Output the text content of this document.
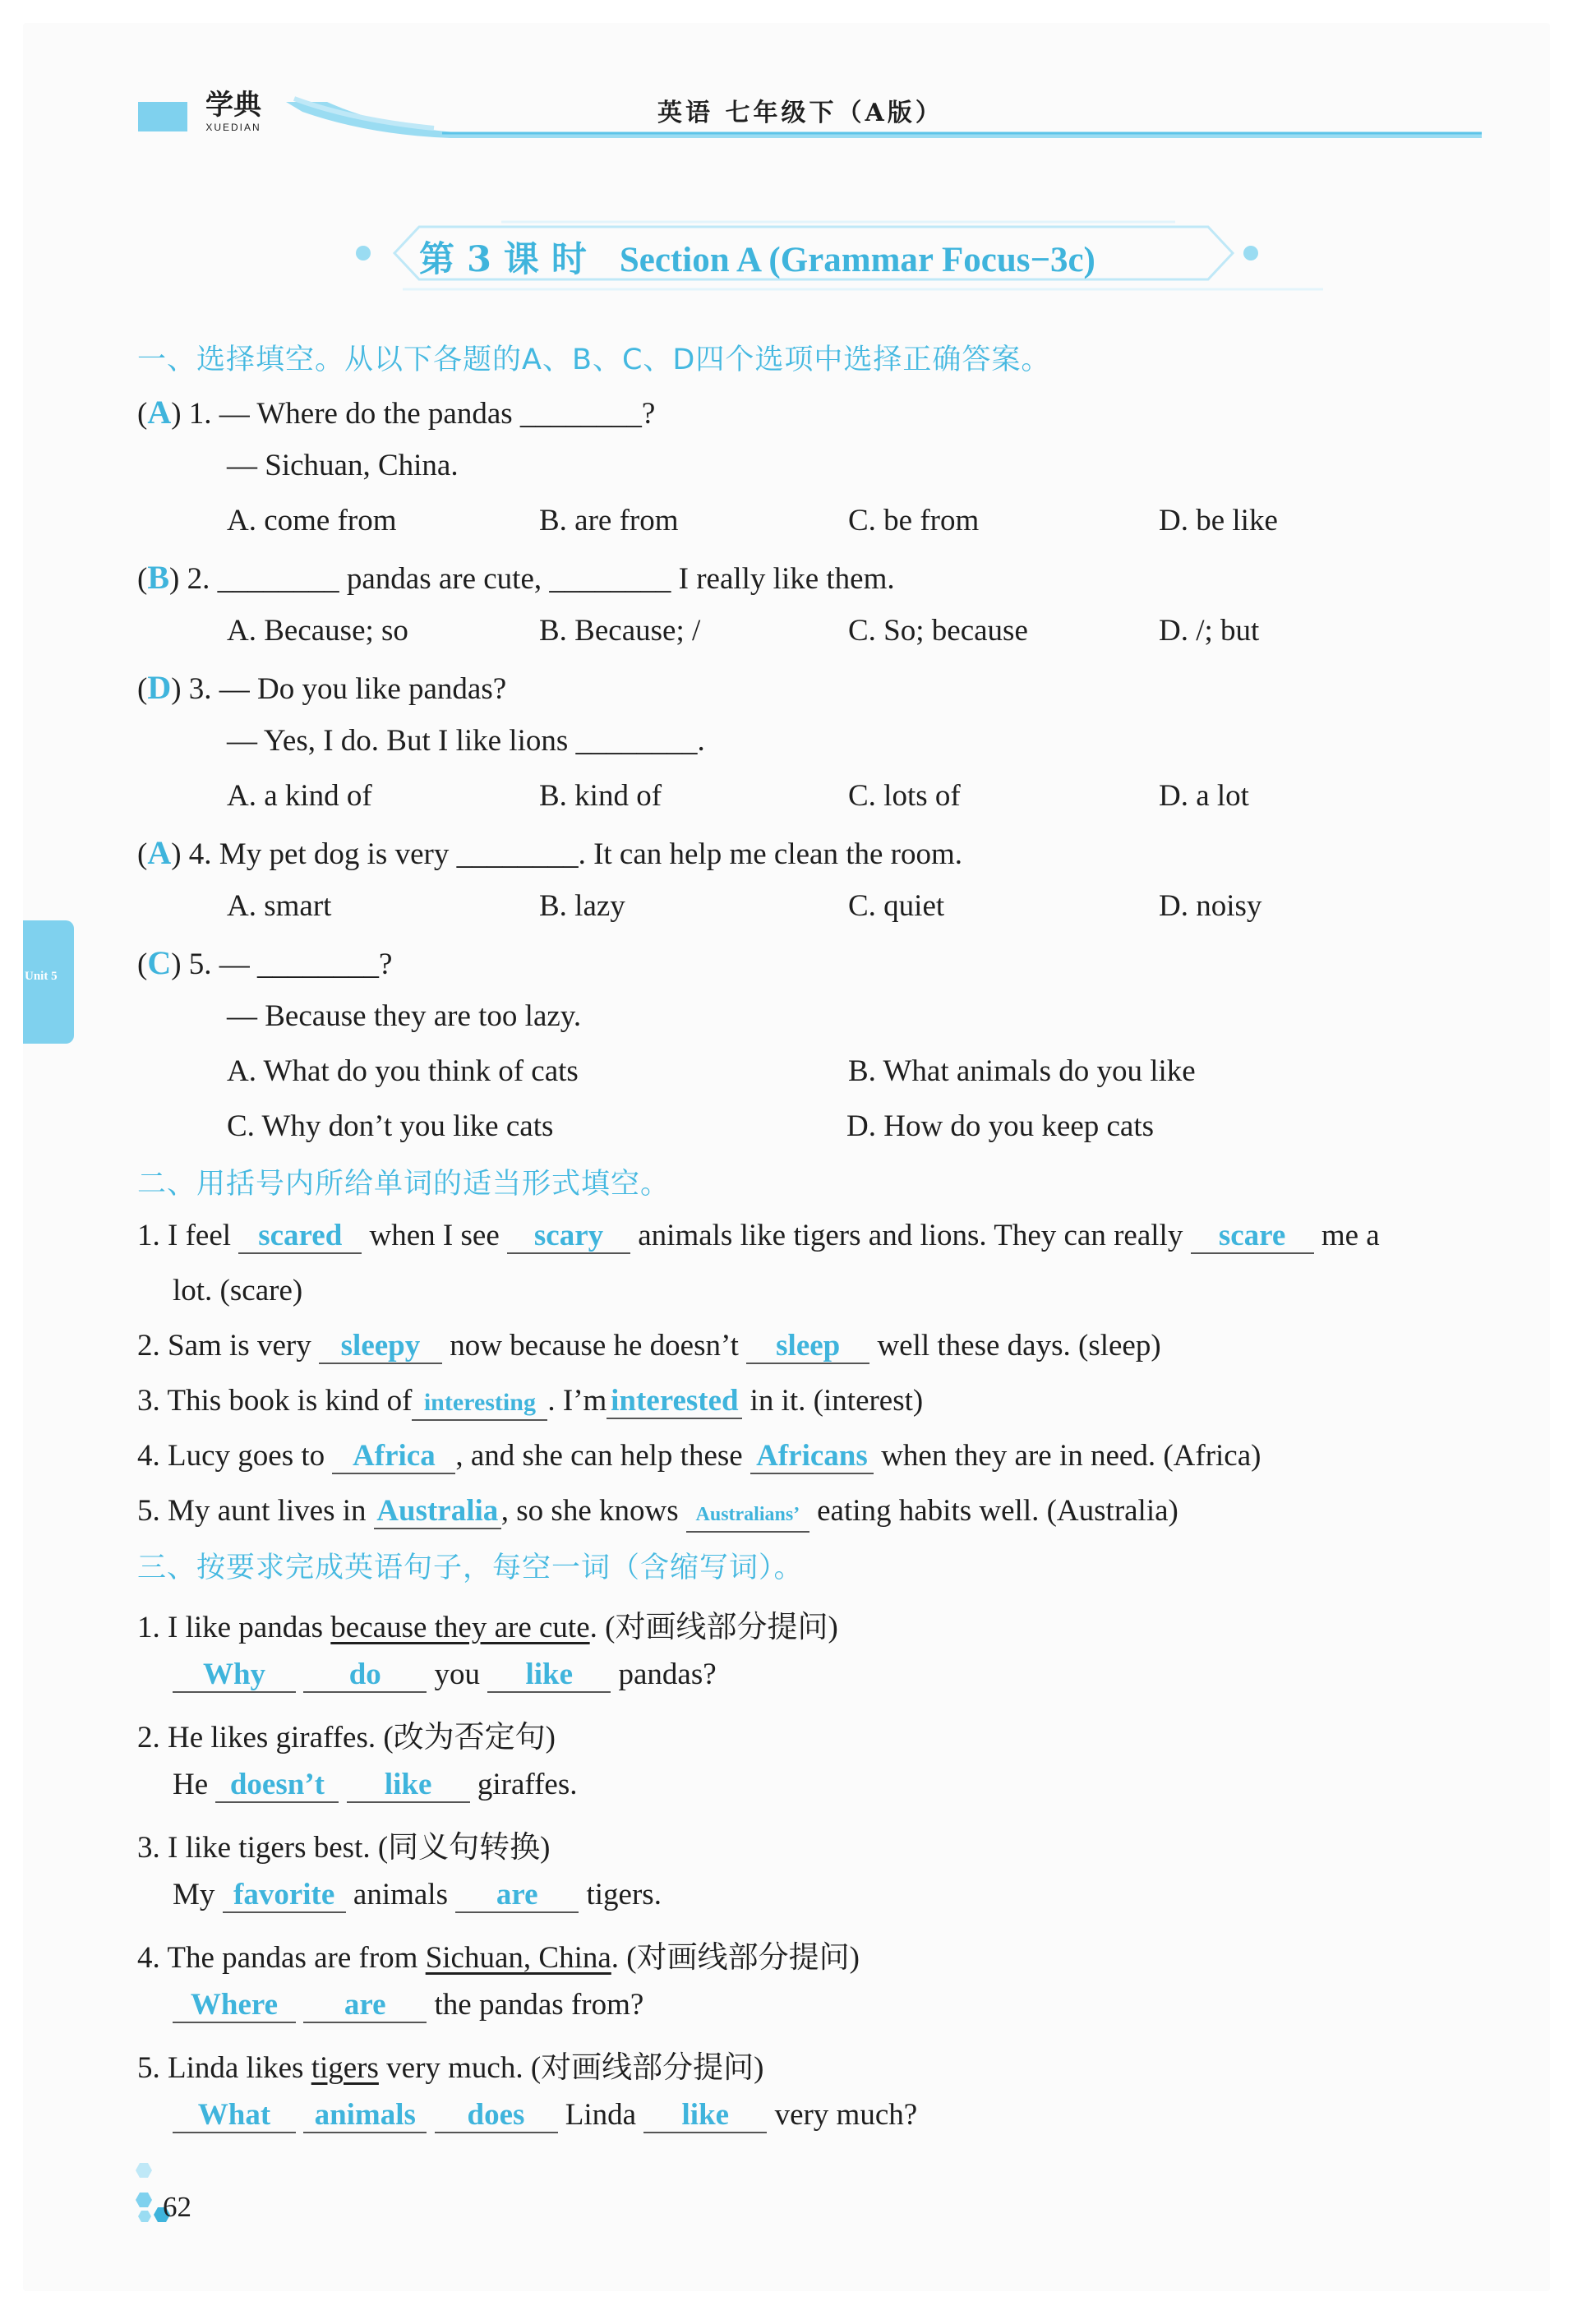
学典
XUEDIAN	英语 七年级下（A版）
第 3 课 时 Section A (Grammar Focus−3c)
Unit 5
一、选择填空。从以下各题的A、B、C、D四个选项中选择正确答案。
(A) 1. — Where do the pandas ________?
— Sichuan, China.
A. come from	B. are from	C. be from	D. be like
(B) 2. ________ pandas are cute, ________ I really like them.
A. Because; so	B. Because; /	C. So; because	D. /; but
(D) 3. — Do you like pandas?
— Yes, I do. But I like lions ________.
A. a kind of	B. kind of	C. lots of	D. a lot
(A) 4. My pet dog is very ________. It can help me clean the room.
A. smart	B. lazy	C. quiet	D. noisy
(C) 5. — ________?
— Because they are too lazy.
A. What do you think of cats	B. What animals do you like
C. Why don’t you like cats	D. How do you keep cats
二、用括号内所给单词的适当形式填空。
1. I feel scared when I see scary animals like tigers and lions. They can really scare me a
lot. (scare)
2. Sam is very sleepy now because he doesn’t sleep well these days. (sleep)
3. This book is kind of interesting . I’m interested in it. (interest)
4. Lucy goes to Africa , and she can help these Africans when they are in need. (Africa)
5. My aunt lives in Australia, so she knows Australians’ eating habits well. (Australia)
三、按要求完成英语句子，每空一词（含缩写词）。
1. I like pandas because they are cute. (对画线部分提问)
Why	do you like pandas?
2. He likes giraffes. (改为否定句)
He doesn’t like giraffes.
3. I like tigers best. (同义句转换)
My favorite animals are tigers.
4. The pandas are from Sichuan, China. (对画线部分提问)
Where are the pandas from?
5. Linda likes tigers very much. (对画线部分提问)
What animals does Linda like very much?
62
